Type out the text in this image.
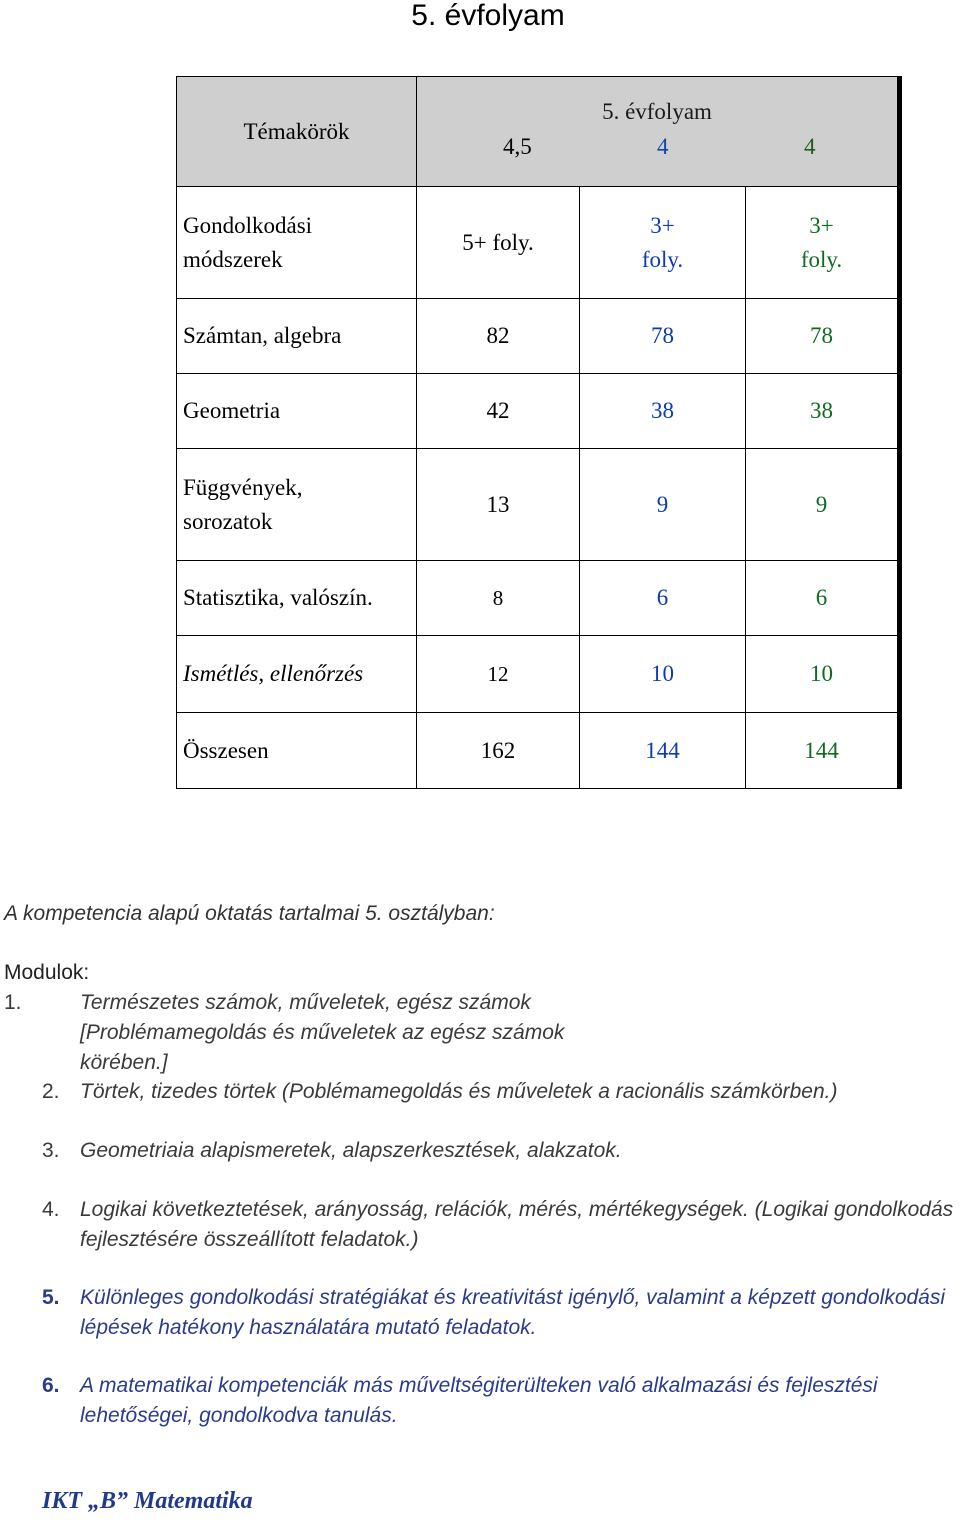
5. évfolyam
Témakörök	5. évfolyam
4,5 4 4		

Gondolkodási módszerek	5+ foly.	3+ foly.	3+ foly.
Számtan, algebra	82	78	78
Geometria	42	38	38
Függvények, sorozatok	13	9	9
Statisztika, valószín.	8	6	6
Ismétlés, ellenőrzés	12	10	10
Összesen	162	144	144
A kompetencia alapú oktatás tartalmai 5. osztályban:
Modulok:
1.	Természetes számok, műveletek, egész számok [Problémamegoldás és műveletek az egész számok körében.]
2. Törtek, tizedes törtek (Poblémamegoldás és műveletek a racionális számkörben.)
3. Geometriaia alapismeretek, alapszerkesztések, alakzatok.
4. Logikai következtetések, arányosság, relációk, mérés, mértékegységek. (Logikai gondolkodás fejlesztésére összeállított feladatok.)
5. Különleges gondolkodási stratégiákat és kreativitást igénylő, valamint a képzett gondolkodási lépések hatékony használatára mutató feladatok.
6. A matematikai kompetenciák más műveltségiterülteken való alkalmazási és fejlesztési lehetőségei, gondolkodva tanulás.
IKT „B” Matematika
